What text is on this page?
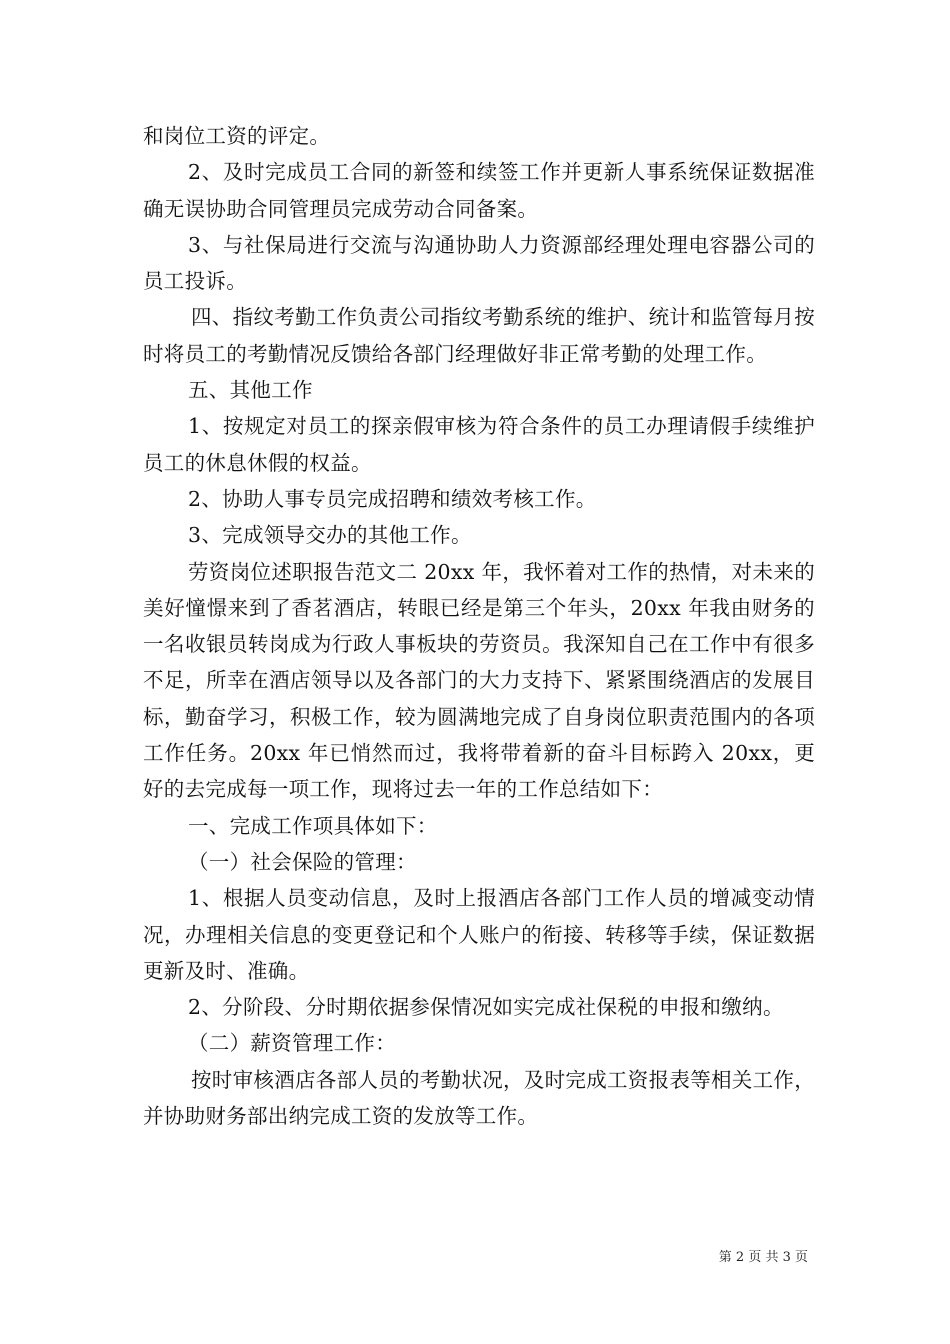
和岗位工资的评定。

2、及时完成员工合同的新签和续签工作并更新人事系统保证数据准确无误协助合同管理员完成劳动合同备案。

3、与社保局进行交流与沟通协助人力资源部经理处理电容器公司的员工投诉。

四、指纹考勤工作负责公司指纹考勤系统的维护、统计和监管每月按时将员工的考勤情况反馈给各部门经理做好非正常考勤的处理工作。

五、其他工作

1、按规定对员工的探亲假审核为符合条件的员工办理请假手续维护员工的休息休假的权益。

2、协助人事专员完成招聘和绩效考核工作。

3、完成领导交办的其他工作。

劳资岗位述职报告范文二 20xx 年，我怀着对工作的热情，对未来的美好憧憬来到了香茗酒店，转眼已经是第三个年头，20xx 年我由财务的一名收银员转岗成为行政人事板块的劳资员。我深知自己在工作中有很多不足，所幸在酒店领导以及各部门的大力支持下、紧紧围绕酒店的发展目标，勤奋学习，积极工作，较为圆满地完成了自身岗位职责范围内的各项工作任务。20xx 年已悄然而过，我将带着新的奋斗目标跨入 20xx，更好的去完成每一项工作，现将过去一年的工作总结如下：

一、完成工作项具体如下：

（一）社会保险的管理：

1、根据人员变动信息，及时上报酒店各部门工作人员的增减变动情况，办理相关信息的变更登记和个人账户的衔接、转移等手续，保证数据更新及时、准确。

2、分阶段、分时期依据参保情况如实完成社保税的申报和缴纳。

（二）薪资管理工作：

按时审核酒店各部人员的考勤状况，及时完成工资报表等相关工作，并协助财务部出纳完成工资的发放等工作。

第 2 页 共 3 页
